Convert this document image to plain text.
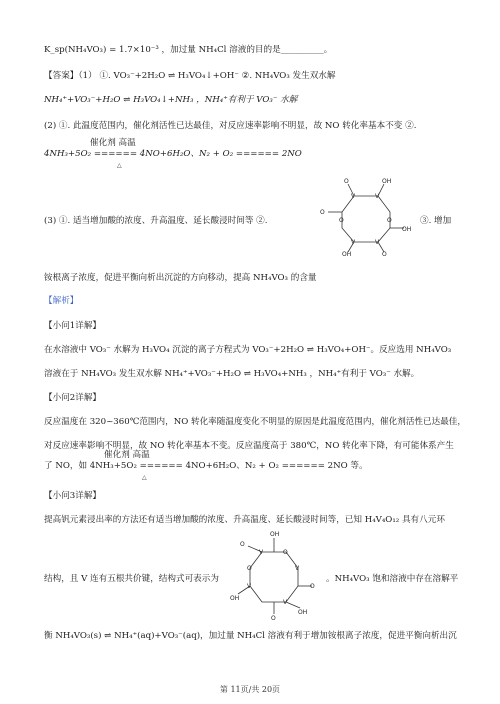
K_sp(NH₄VO₃) = 1.7×10⁻³ ，加过量 NH₄Cl 溶液的目的是__________。
【答案】（1） ①. VO₃⁻+2H₂O ⇌ H₃VO₄↓+OH⁻ ②. NH₄VO₃ 发生双水解
NH₄⁺+VO₃⁻+H₂O ⇌ H₃VO₄↓+NH₃ ，NH₄⁺有利于 VO₃⁻ 水解
(2) ①. 此温度范围内，催化剂活性已达最佳，对反应速率影响不明显，故 NO 转化率基本不变 ②.
催化剂 高温
4NH₃+5O₂ ====== 4NO+6H₂O、N₂ + O₂ ====== 2NO
△
(3) ①. 适当增加酸的浓度、升高温度、延长酸浸时间等 ②.	③. 增加
V	V
O
O
V	V
O	OH
OH
O
OH	O
铵根离子浓度，促进平衡向析出沉淀的方向移动，提高 NH₄VO₃ 的含量
【解析】
【小问1详解】
在水溶液中 VO₃⁻ 水解为 H₃VO₄ 沉淀的离子方程式为 VO₃⁻+2H₂O ⇌ H₃VO₄+OH⁻。反应选用 NH₄VO₃
溶液在于 NH₄VO₃ 发生双水解 NH₄⁺+VO₃⁻+H₂O ⇌ H₃VO₄+NH₃ ，NH₄⁺有利于 VO₃⁻ 水解。
【小问2详解】
反应温度在 320~360℃范围内，NO 转化率随温度变化不明显的原因是此温度范围内，催化剂活性已达最佳，
对反应速率影响不明显，故 NO 转化率基本不变。反应温度高于 380℃，NO 转化率下降，有可能体系产生
催化剂 高温
了 NO，如 4NH₃+5O₂ ====== 4NO+6H₂O、N₂ + O₂ ====== 2NO 等。
△
【小问3详解】
提高钒元素浸出率的方法还有适当增加酸的浓度、升高温度、延长酸浸时间等，已知 H₄V₄O₁₂ 具有八元环
OH
O
V	O
V
O
O
V
OH
V
OH
O
结构，且 V 连有五根共价键，结构式可表示为	。NH₄VO₃ 饱和溶液中存在溶解平
衡 NH₄VO₃(s) ⇌ NH₄⁺(aq)+VO₃⁻(aq)，加过量 NH₄Cl 溶液有利于增加铵根离子浓度，促进平衡向析出沉
第 11页/共 20页
